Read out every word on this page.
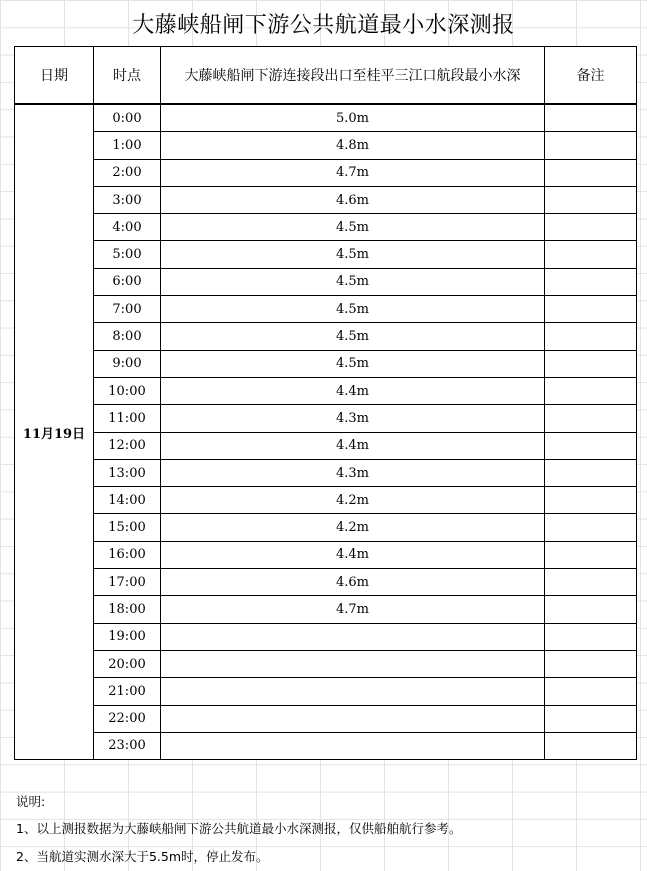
大藤峡船闸下游公共航道最小水深测报
日期	时点	大藤峡船闸下游连接段出口至桂平三江口航段最小水深	备注
11月19日	0:00	5.0m	
	1:00	4.8m	
	2:00	4.7m	
	3:00	4.6m	
	4:00	4.5m	
	5:00	4.5m	
	6:00	4.5m	
	7:00	4.5m	
	8:00	4.5m	
	9:00	4.5m	
	10:00	4.4m	
	11:00	4.3m	
	12:00	4.4m	
	13:00	4.3m	
	14:00	4.2m	
	15:00	4.2m	
	16:00	4.4m	
	17:00	4.6m	
	18:00	4.7m	
	19:00		
	20:00		
	21:00		
	22:00		
	23:00		

说明:

1、以上测报数据为大藤峡船闸下游公共航道最小水深测报，仅供船舶航行参考。

2、当航道实测水深大于5.5m时，停止发布。
